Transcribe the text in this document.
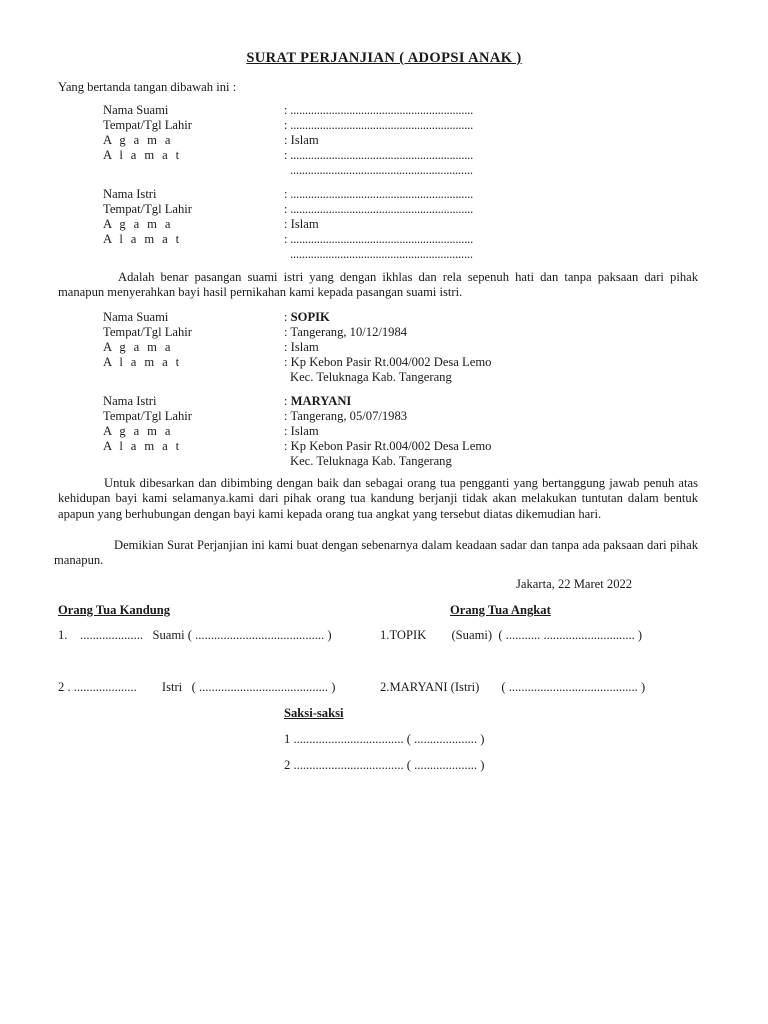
SURAT PERJANJIAN ( ADOPSI ANAK )
Yang bertanda tangan dibawah ini :
Nama Suami	: ..............................................................
Tempat/Tgl Lahir	: ..............................................................
A g a m a	: Islam
A l a m a t	: ..............................................................
..............................................................
Nama Istri	: ..............................................................
Tempat/Tgl Lahir	: ..............................................................
A g a m a	: Islam
A l a m a t	: ..............................................................
..............................................................
Adalah benar pasangan suami istri yang dengan ikhlas dan rela sepenuh hati dan tanpa paksaan dari pihak manapun menyerahkan bayi hasil pernikahan kami kepada pasangan suami istri.
Nama Suami	: SOPIK
Tempat/Tgl Lahir	: Tangerang, 10/12/1984
A g a m a	: Islam
A l a m a t	: Kp Kebon Pasir Rt.004/002 Desa Lemo
Kec. Teluknaga Kab. Tangerang
Nama Istri	: MARYANI
Tempat/Tgl Lahir	: Tangerang, 05/07/1983
A g a m a	: Islam
A l a m a t	: Kp Kebon Pasir Rt.004/002 Desa Lemo
Kec. Teluknaga Kab. Tangerang
Untuk dibesarkan dan dibimbing dengan baik dan sebagai orang tua pengganti yang bertanggung jawab penuh atas kehidupan bayi kami selamanya.kami dari pihak orang tua kandung berjanji tidak akan melakukan tuntutan dalam bentuk apapun yang berhubungan dengan bayi kami kepada orang tua angkat yang tersebut diatas dikemudian hari.
Demikian Surat Perjanjian ini kami buat dengan sebenarnya dalam keadaan sadar dan tanpa ada paksaan dari pihak manapun.
Jakarta, 22 Maret 2022
Orang Tua Kandung	Orang Tua Angkat
1.    ....................   Suami ( ......................................... )	1.TOPIK        (Suami)  ( ........... ............................. )
2 . ....................        Istri   ( ......................................... )	2.MARYANI (Istri)       ( ......................................... )
Saksi-saksi
1 ................................... ( .................... )
2 ................................... ( .................... )
